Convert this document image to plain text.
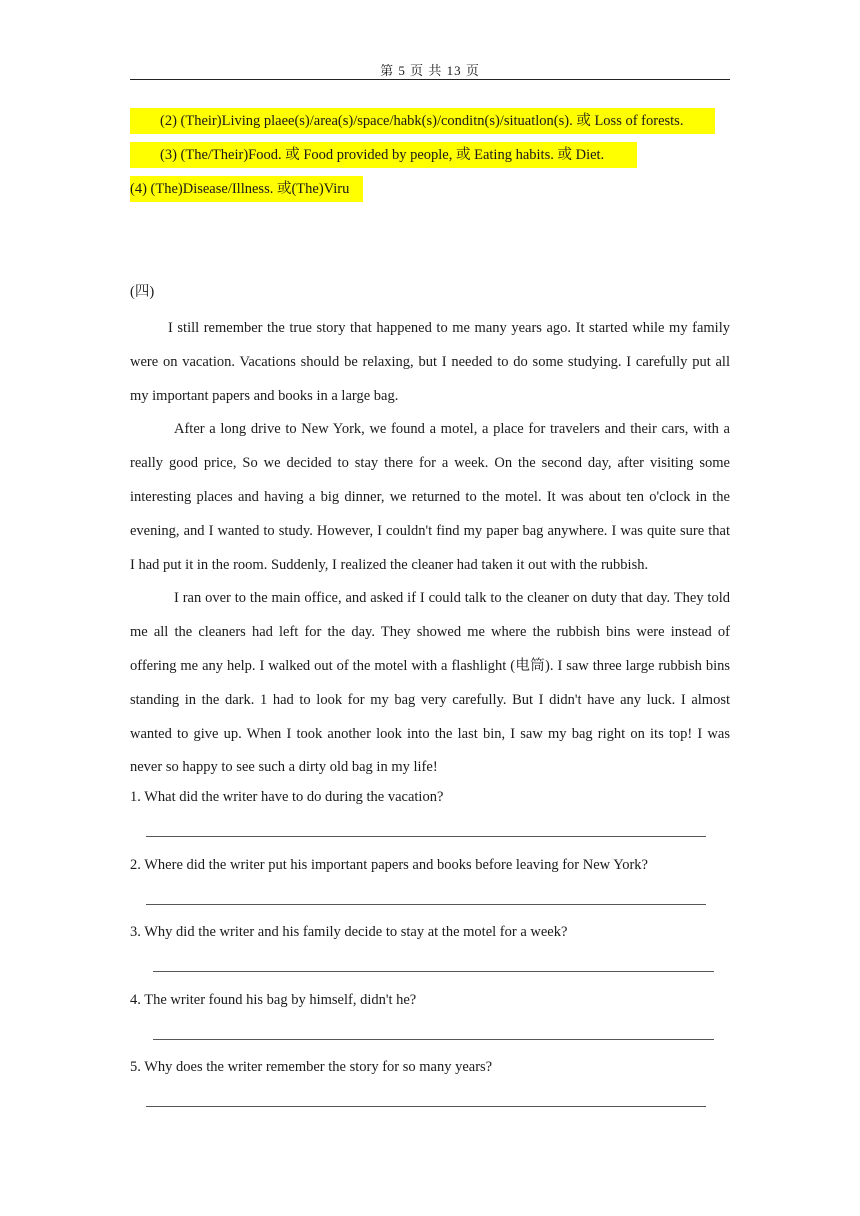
第 5 页 共 13 页
(2) (Their)Living plaee(s)/area(s)/space/habk(s)/conditn(s)/situatlon(s). 或 Loss of forests.
(3) (The/Their)Food. 或 Food provided by people, 或 Eating habits. 或 Diet.
(4) (The)Disease/Illness. 或(The)Viru
(四)

I still remember the true story that happened to me many years ago. It started while my family were on vacation. Vacations should be relaxing, but I needed to do some studying. I carefully put all my important papers and books in a large bag.

After a long drive to New York, we found a motel, a place for travelers and their cars, with a really good price, So we decided to stay there for a week. On the second day, after visiting some interesting places and having a big dinner, we returned to the motel. It was about ten o'clock in the evening, and I wanted to study. However, I couldn't find my paper bag anywhere. I was quite sure that I had put it in the room. Suddenly, I realized the cleaner had taken it out with the rubbish.

I ran over to the main office, and asked if I could talk to the cleaner on duty that day. They told me all the cleaners had left for the day. They showed me where the rubbish bins were instead of offering me any help. I walked out of the motel with a flashlight (电筒). I saw three large rubbish bins standing in the dark. 1 had to look for my bag very carefully. But I didn't have any luck. I almost wanted to give up. When I took another look into the last bin, I saw my bag right on its top! I was never so happy to see such a dirty old bag in my life!

1. What did the writer have to do during the vacation?
2. Where did the writer put his important papers and books before leaving for New York?
3. Why did the writer and his family decide to stay at the motel for a week?
4. The writer found his bag by himself, didn't he?
5. Why does the writer remember the story for so many years?
